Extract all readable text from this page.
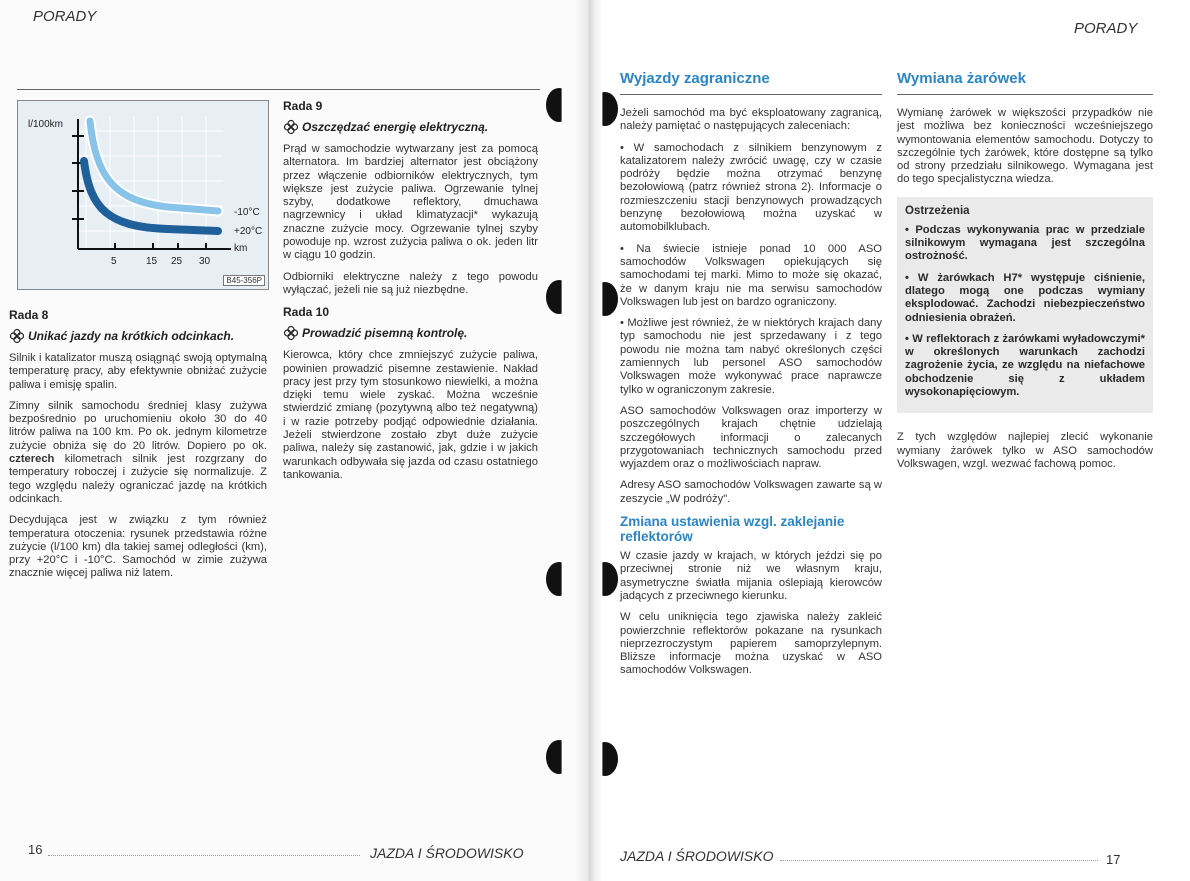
PORADY
l/100km
-10°C
+20°C
km
5	15 25 30
B45-356P
Rada 8
Unikać jazdy na krótkich odcinkach.

Silnik i katalizator muszą osiągnąć swoją optymalną temperaturę pracy, aby efektywnie obniżać zużycie paliwa i emisję spalin.

Zimny silnik samochodu średniej klasy zużywa bezpośrednio po uruchomieniu około 30 do 40 litrów paliwa na 100 km. Po ok. jednym kilometrze zużycie obniża się do 20 litrów. Dopiero po ok. czterech kilometrach silnik jest rozgrzany do temperatury roboczej i zużycie się normalizuje. Z tego względu należy ograniczać jazdę na krótkich odcinkach.

Decydująca jest w związku z tym również temperatura otoczenia: rysunek przedstawia różne zużycie (l/100 km) dla takiej samej odległości (km), przy +20°C i -10°C. Samochód w zimie zużywa znacznie więcej paliwa niż latem.

Rada 9
Oszczędzać energię elektryczną.

Prąd w samochodzie wytwarzany jest za pomocą alternatora. Im bardziej alternator jest obciążony przez włączenie odbiorników elektrycznych, tym większe jest zużycie paliwa. Ogrzewanie tylnej szyby, dodatkowe reflektory, dmuchawa nagrzewnicy i układ klimatyzacji* wykazują znaczne zużycie mocy. Ogrzewanie tylnej szyby powoduje np. wzrost zużycia paliwa o ok. jeden litr w ciągu 10 godzin.

Odbiorniki elektryczne należy z tego powodu wyłączać, jeżeli nie są już niezbędne.

Rada 10
Prowadzić pisemną kontrolę.

Kierowca, który chce zmniejszyć zużycie paliwa, powinien prowadzić pisemne zestawienie. Nakład pracy jest przy tym stosunkowo niewielki, a można dzięki temu wiele zyskać. Można wcześnie stwierdzić zmianę (pozytywną albo też negatywną) i w razie potrzeby podjąć odpowiednie działania. Jeżeli stwierdzone zostało zbyt duże zużycie paliwa, należy się zastanowić, jak, gdzie i w jakich warunkach odbywała się jazda od czasu ostatniego tankowania.

16	JAZDA I ŚRODOWISKO
PORADY
Wyjazdy zagraniczne

Jeżeli samochód ma być eksploatowany zagranicą, należy pamiętać o następujących zaleceniach:

• W samochodach z silnikiem benzynowym z katalizatorem należy zwrócić uwagę, czy w czasie podróży będzie można otrzymać benzynę bezołowiową (patrz również strona 2). Informacje o rozmieszczeniu stacji benzynowych prowadzących benzynę bezołowiową można uzyskać w automobilklubach.

• Na świecie istnieje ponad 10 000 ASO samochodów Volkswagen opiekujących się samochodami tej marki. Mimo to może się okazać, że w danym kraju nie ma serwisu samochodów Volkswagen lub jest on bardzo ograniczony.

• Możliwe jest również, że w niektórych krajach dany typ samochodu nie jest sprzedawany i z tego powodu nie można tam nabyć określonych części zamiennych lub personel ASO samochodów Volkswagen może wykonywać prace naprawcze tylko w ograniczonym zakresie.

ASO samochodów Volkswagen oraz importerzy w poszczególnych krajach chętnie udzielają szczegółowych informacji o zalecanych przygotowaniach technicznych samochodu przed wyjazdem oraz o możliwościach napraw.

Adresy ASO samochodów Volkswagen zawarte są w zeszycie „W podróży".

Zmiana ustawienia wzgl. zaklejanie reflektorów

W czasie jazdy w krajach, w których jeździ się po przeciwnej stronie niż we własnym kraju, asymetryczne światła mijania oślepiają kierowców jadących z przeciwnego kierunku.

W celu uniknięcia tego zjawiska należy zakleić powierzchnie reflektorów pokazane na rysunkach nieprzezroczystym papierem samoprzylepnym. Bliższe informacje można uzyskać w ASO samochodów Volkswagen.

Wymiana żarówek

Wymianę żarówek w większości przypadków nie jest możliwa bez konieczności wcześniejszego wymontowania elementów samochodu. Dotyczy to szczególnie tych żarówek, które dostępne są tylko od strony przedziału silnikowego. Wymagana jest do tego specjalistyczna wiedza.

Ostrzeżenia

• Podczas wykonywania prac w przedziale silnikowym wymagana jest szczególna ostrożność.

• W żarówkach H7* występuje ciśnienie, dlatego mogą one podczas wymiany eksplodować. Zachodzi niebezpieczeństwo odniesienia obrażeń.

• W reflektorach z żarówkami wyładowczymi* w określonych warunkach zachodzi zagrożenie życia, ze względu na niefachowe obchodzenie się z układem wysokonapięciowym.

Z tych względów najlepiej zlecić wykonanie wymiany żarówek tylko w ASO samochodów Volkswagen, wzgl. wezwać fachową pomoc.

JAZDA I ŚRODOWISKO	17
